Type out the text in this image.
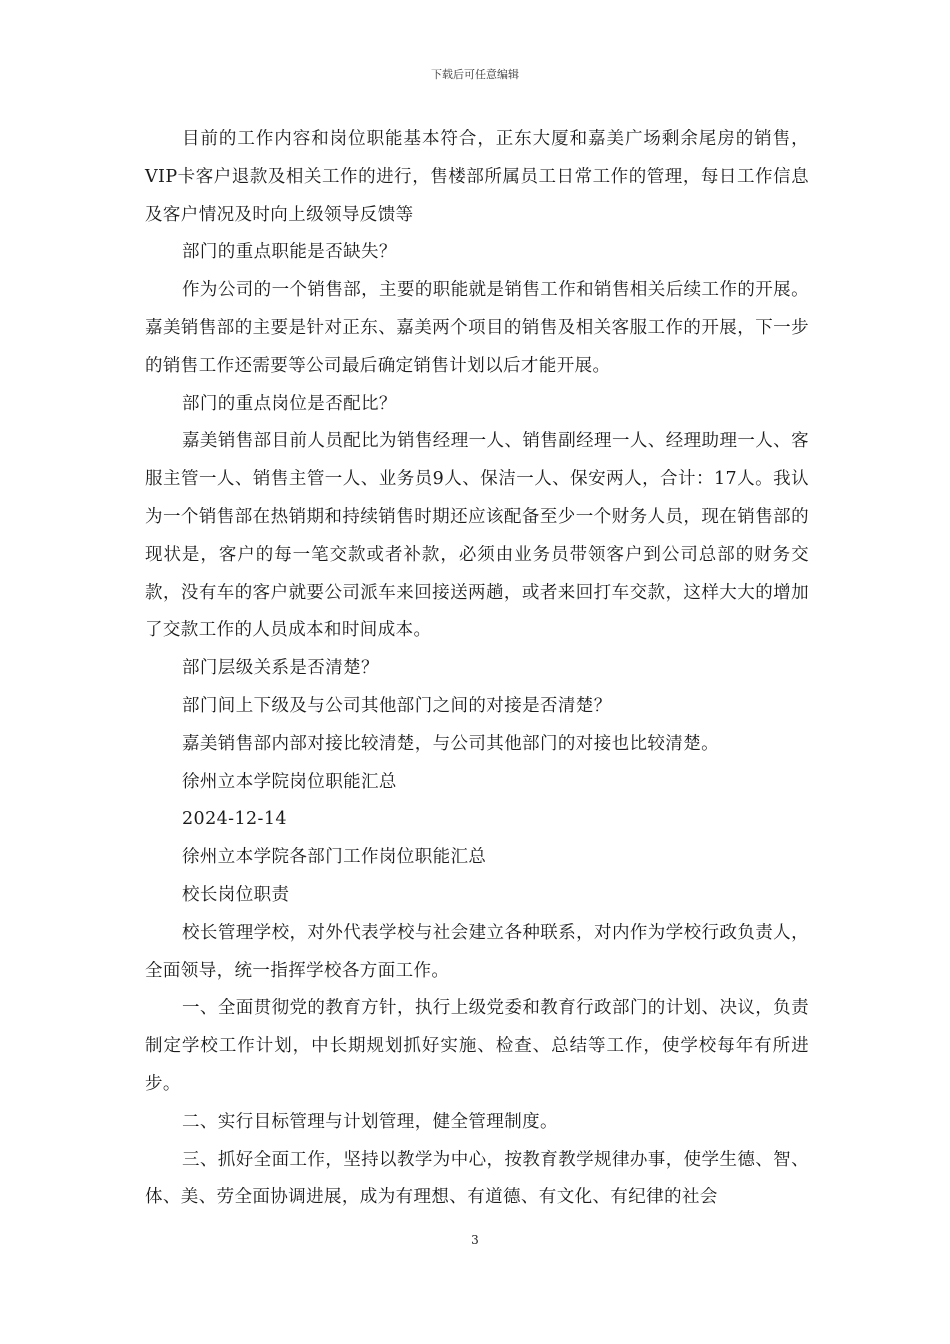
下载后可任意编辑

目前的工作内容和岗位职能基本符合，正东大厦和嘉美广场剩余尾房的销售，VIP卡客户退款及相关工作的进行，售楼部所属员工日常工作的管理，每日工作信息及客户情况及时向上级领导反馈等

部门的重点职能是否缺失？

作为公司的一个销售部，主要的职能就是销售工作和销售相关后续工作的开展。嘉美销售部的主要是针对正东、嘉美两个项目的销售及相关客服工作的开展，下一步的销售工作还需要等公司最后确定销售计划以后才能开展。

部门的重点岗位是否配比？

嘉美销售部目前人员配比为销售经理一人、销售副经理一人、经理助理一人、客服主管一人、销售主管一人、业务员9人、保洁一人、保安两人，合计：17人。我认为一个销售部在热销期和持续销售时期还应该配备至少一个财务人员，现在销售部的现状是，客户的每一笔交款或者补款，必须由业务员带领客户到公司总部的财务交款，没有车的客户就要公司派车来回接送两趟，或者来回打车交款，这样大大的增加了交款工作的人员成本和时间成本。

部门层级关系是否清楚？

部门间上下级及与公司其他部门之间的对接是否清楚？

嘉美销售部内部对接比较清楚，与公司其他部门的对接也比较清楚。

徐州立本学院岗位职能汇总

2024-12-14

徐州立本学院各部门工作岗位职能汇总

校长岗位职责

校长管理学校，对外代表学校与社会建立各种联系，对内作为学校行政负责人，全面领导，统一指挥学校各方面工作。

一、全面贯彻党的教育方针，执行上级党委和教育行政部门的计划、决议，负责制定学校工作计划，中长期规划抓好实施、检查、总结等工作，使学校每年有所进步。

二、实行目标管理与计划管理，健全管理制度。

三、抓好全面工作，坚持以教学为中心，按教育教学规律办事，使学生德、智、体、美、劳全面协调进展，成为有理想、有道德、有文化、有纪律的社会

3
